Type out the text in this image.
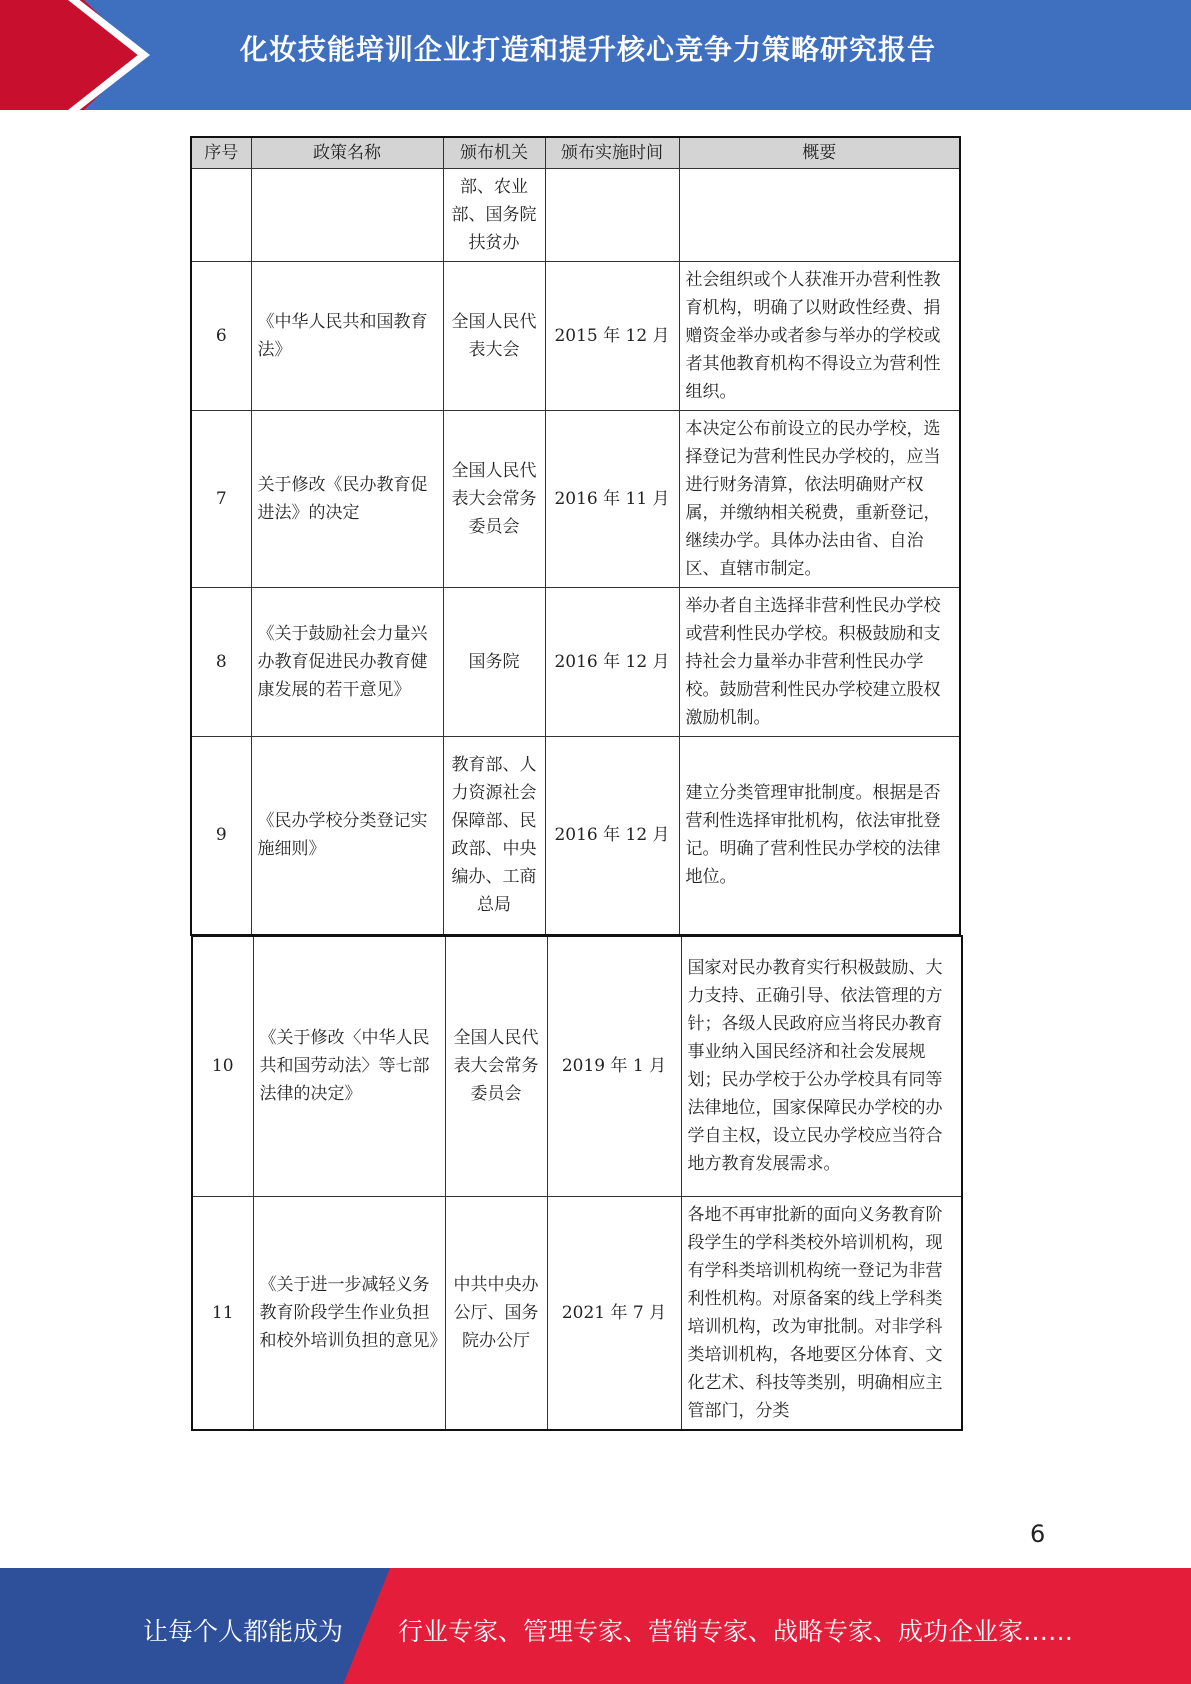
化妆技能培训企业打造和提升核心竞争力策略研究报告
序号	政策名称	颁布机关	颁布实施时间	概要
		部、农业部、国务院扶贫办		
6	《中华人民共和国教育法》	全国人民代表大会	2015 年 12 月	社会组织或个人获准开办营利性教育机构，明确了以财政性经费、捐赠资金举办或者参与举办的学校或者其他教育机构不得设立为营利性组织。
7	关于修改《民办教育促进法》的决定	全国人民代表大会常务委员会	2016 年 11 月	本决定公布前设立的民办学校，选择登记为营利性民办学校的，应当进行财务清算，依法明确财产权属，并缴纳相关税费，重新登记，继续办学。具体办法由省、自治区、直辖市制定。
8	《关于鼓励社会力量兴办教育促进民办教育健康发展的若干意见》	国务院	2016 年 12 月	举办者自主选择非营利性民办学校或营利性民办学校。积极鼓励和支持社会力量举办非营利性民办学校。鼓励营利性民办学校建立股权激励机制。
9	《民办学校分类登记实施细则》	教育部、人力资源社会保障部、民政部、中央编办、工商总局	2016 年 12 月	建立分类管理审批制度。根据是否营利性选择审批机构，依法审批登记。明确了营利性民办学校的法律地位。
10	《关于修改〈中华人民共和国劳动法〉等七部法律的决定》	全国人民代表大会常务委员会	2019 年 1 月	国家对民办教育实行积极鼓励、大力支持、正确引导、依法管理的方针；各级人民政府应当将民办教育事业纳入国民经济和社会发展规划；民办学校于公办学校具有同等法律地位，国家保障民办学校的办学自主权，设立民办学校应当符合地方教育发展需求。
11	《关于进一步减轻义务教育阶段学生作业负担和校外培训负担的意见》	中共中央办公厅、国务院办公厅	2021 年 7 月	各地不再审批新的面向义务教育阶段学生的学科类校外培训机构，现有学科类培训机构统一登记为非营利性机构。对原备案的线上学科类培训机构，改为审批制。对非学科类培训机构，各地要区分体育、文化艺术、科技等类别，明确相应主管部门，分类
6
让每个人都能成为 行业专家、管理专家、营销专家、战略专家、成功企业家……
